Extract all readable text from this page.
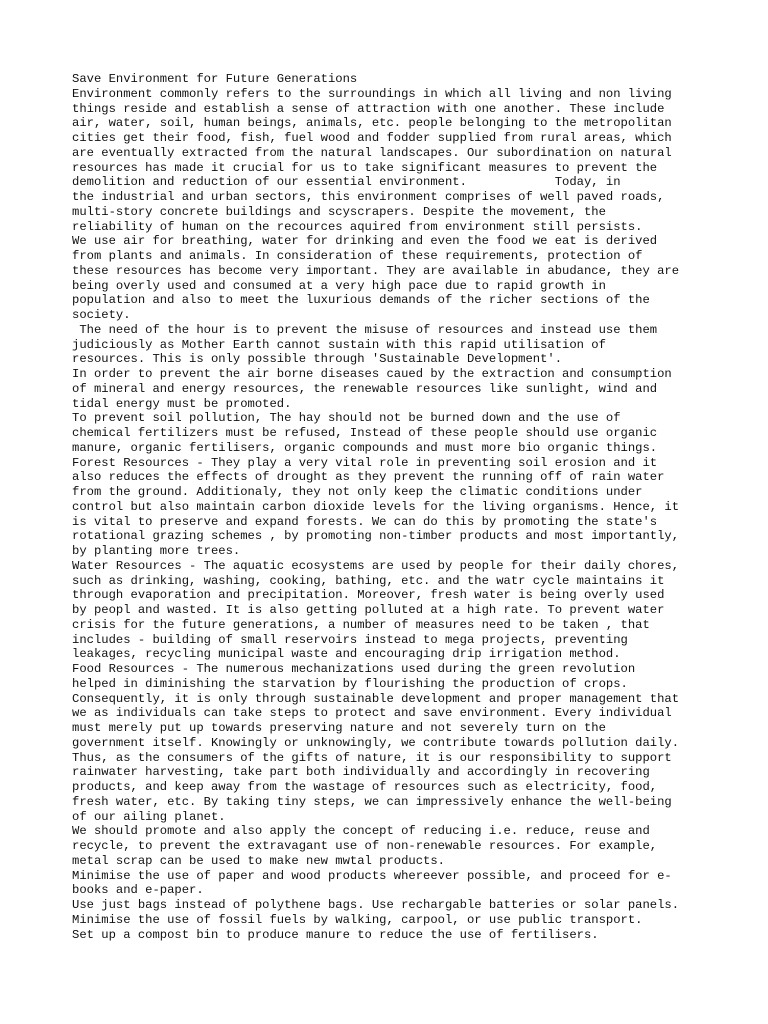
Save Environment for Future Generations
Environment commonly refers to the surroundings in which all living and non living
things reside and establish a sense of attraction with one another. These include
air, water, soil, human beings, animals, etc. people belonging to the metropolitan
cities get their food, fish, fuel wood and fodder supplied from rural areas, which
are eventually extracted from the natural landscapes. Our subordination on natural
resources has made it crucial for us to take significant measures to prevent the
demolition and reduction of our essential environment.            Today, in
the industrial and urban sectors, this environment comprises of well paved roads,
multi-story concrete buildings and scyscrapers. Despite the movement, the
reliability of human on the recources aquired from environment still persists.
We use air for breathing, water for drinking and even the food we eat is derived
from plants and animals. In consideration of these requirements, protection of
these resources has become very important. They are available in abudance, they are
being overly used and consumed at a very high pace due to rapid growth in
population and also to meet the luxurious demands of the richer sections of the
society.
The need of the hour is to prevent the misuse of resources and instead use them
judiciously as Mother Earth cannot sustain with this rapid utilisation of
resources. This is only possible through 'Sustainable Development'.
In order to prevent the air borne diseases caued by the extraction and consumption
of mineral and energy resources, the renewable resources like sunlight, wind and
tidal energy must be promoted.
To prevent soil pollution, The hay should not be burned down and the use of
chemical fertilizers must be refused, Instead of these people should use organic
manure, organic fertilisers, organic compounds and must more bio organic things.
Forest Resources - They play a very vital role in preventing soil erosion and it
also reduces the effects of drought as they prevent the running off of rain water
from the ground. Additionaly, they not only keep the climatic conditions under
control but also maintain carbon dioxide levels for the living organisms. Hence, it
is vital to preserve and expand forests. We can do this by promoting the state's
rotational grazing schemes , by promoting non-timber products and most importantly,
by planting more trees.
Water Resources - The aquatic ecosystems are used by people for their daily chores,
such as drinking, washing, cooking, bathing, etc. and the watr cycle maintains it
through evaporation and precipitation. Moreover, fresh water is being overly used
by peopl and wasted. It is also getting polluted at a high rate. To prevent water
crisis for the future generations, a number of measures need to be taken , that
includes - building of small reservoirs instead to mega projects, preventing
leakages, recycling municipal waste and encouraging drip irrigation method.
Food Resources - The numerous mechanizations used during the green revolution
helped in diminishing the starvation by flourishing the production of crops.
Consequently, it is only through sustainable development and proper management that
we as individuals can take steps to protect and save environment. Every individual
must merely put up towards preserving nature and not severely turn on the
government itself. Knowingly or unknowingly, we contribute towards pollution daily.
Thus, as the consumers of the gifts of nature, it is our responsibility to support
rainwater harvesting, take part both individually and accordingly in recovering
products, and keep away from the wastage of resources such as electricity, food,
fresh water, etc. By taking tiny steps, we can impressively enhance the well-being
of our ailing planet.
We should promote and also apply the concept of reducing i.e. reduce, reuse and
recycle, to prevent the extravagant use of non-renewable resources. For example,
metal scrap can be used to make new mwtal products.
Minimise the use of paper and wood products whereever possible, and proceed for e-
books and e-paper.
Use just bags instead of polythene bags. Use rechargable batteries or solar panels.
Minimise the use of fossil fuels by walking, carpool, or use public transport.
Set up a compost bin to produce manure to reduce the use of fertilisers.
